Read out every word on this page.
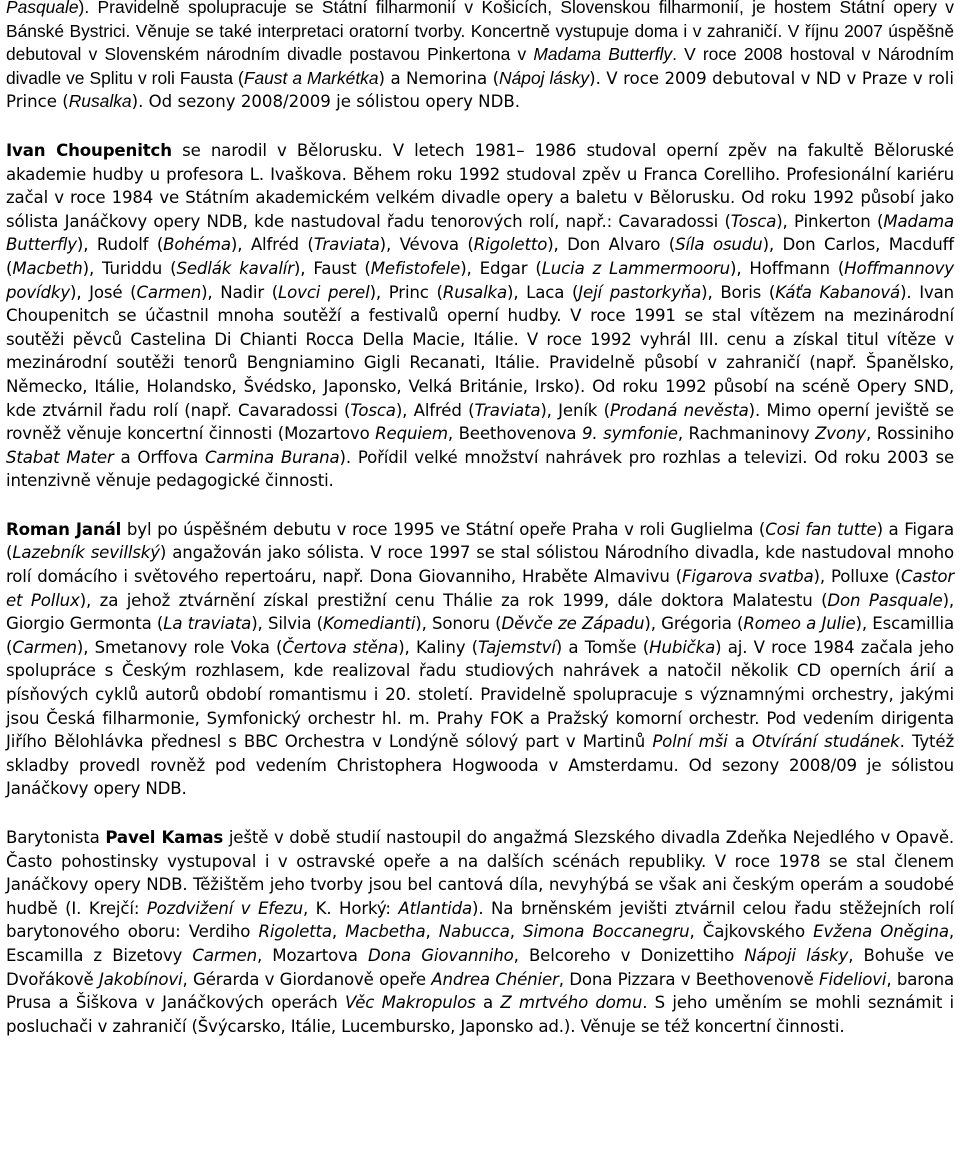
Pasquale). Pravidelně spolupracuje se Státní filharmonií v Košicích, Slovenskou filharmonií, je hostem Státní opery v Bánské Bystrici. Věnuje se také interpretaci oratorní tvorby. Koncertně vystupuje doma i v zahraničí. V říjnu 2007 úspěšně debutoval v Slovenském národním divadle postavou Pinkertona v Madama Butterfly. V roce 2008 hostoval v Národním divadle ve Splitu v roli Fausta (Faust a Markétka) a Nemorina (Nápoj lásky). V roce 2009 debutoval v ND v Praze v roli Prince (Rusalka). Od sezony 2008/2009 je sólistou opery NDB.

Ivan Choupenitch se narodil v Bělorusku. V letech 1981– 1986 studoval operní zpěv na fakultě Běloruské akademie hudby u profesora L. Ivaškova. Během roku 1992 studoval zpěv u Franca Corelliho. Profesionální kariéru začal v roce 1984 ve Státním akademickém velkém divadle opery a baletu v Bělorusku. Od roku 1992 působí jako sólista Janáčkovy opery NDB, kde nastudoval řadu tenorových rolí, např.: Cavaradossi (Tosca), Pinkerton (Madama Butterfly), Rudolf (Bohéma), Alfréd (Traviata), Vévova (Rigoletto), Don Alvaro (Síla osudu), Don Carlos, Macduff (Macbeth), Turiddu (Sedlák kavalír), Faust (Mefistofele), Edgar (Lucia z Lammermooru), Hoffmann (Hoffmannovy povídky), José (Carmen), Nadir (Lovci perel), Princ (Rusalka), Laca (Její pastorkyňa), Boris (Káťa Kabanová). Ivan Choupenitch se účastnil mnoha soutěží a festivalů operní hudby. V roce 1991 se stal vítězem na mezinárodní soutěži pěvců Castelina Di Chianti Rocca Della Macie, Itálie. V roce 1992 vyhrál III. cenu a získal titul vítěze v mezinárodní soutěži tenorů Bengniamino Gigli Recanati, Itálie. Pravidelně působí v zahraničí (např. Španělsko, Německo, Itálie, Holandsko, Švédsko, Japonsko, Velká Británie, Irsko). Od roku 1992 působí na scéně Opery SND, kde ztvárnil řadu rolí (např. Cavaradossi (Tosca), Alfréd (Traviata), Jeník (Prodaná nevěsta). Mimo operní jeviště se rovněž věnuje koncertní činnosti (Mozartovo Requiem, Beethovenova 9. symfonie, Rachmaninovy Zvony, Rossiniho Stabat Mater a Orffova Carmina Burana). Pořídil velké množství nahrávek pro rozhlas a televizi. Od roku 2003 se intenzivně věnuje pedagogické činnosti.

Roman Janál byl po úspěšném debutu v roce 1995 ve Státní opeře Praha v roli Guglielma (Cosi fan tutte) a Figara (Lazebník sevillský) angažován jako sólista. V roce 1997 se stal sólistou Národního divadla, kde nastudoval mnoho rolí domácího i světového repertoáru, např. Dona Giovanniho, Hraběte Almavivu (Figarova svatba), Polluxe (Castor et Pollux), za jehož ztvárnění získal prestižní cenu Thálie za rok 1999, dále doktora Malatestu (Don Pasquale), Giorgio Germonta (La traviata), Silvia (Komedianti), Sonoru (Děvče ze Západu), Grégoria (Romeo a Julie), Escamillia (Carmen), Smetanovy role Voka (Čertova stěna), Kaliny (Tajemství) a Tomše (Hubička) aj. V roce 1984 začala jeho spolupráce s Českým rozhlasem, kde realizoval řadu studiových nahrávek a natočil několik CD operních árií a písňových cyklů autorů období romantismu i 20. století. Pravidelně spolupracuje s významnými orchestry, jakými jsou Česká filharmonie, Symfonický orchestr hl. m. Prahy FOK a Pražský komorní orchestr. Pod vedením dirigenta Jiřího Bělohlávka přednesl s BBC Orchestra v Londýně sólový part v Martinů Polní mši a Otvírání studánek. Tytéž skladby provedl rovněž pod vedením Christophera Hogwooda v Amsterdamu. Od sezony 2008/09 je sólistou Janáčkovy opery NDB.

Barytonista Pavel Kamas ještě v době studií nastoupil do angažmá Slezského divadla Zdeňka Nejedlého v Opavě. Často pohostinsky vystupoval i v ostravské opeře a na dalších scénách republiky. V roce 1978 se stal členem Janáčkovy opery NDB. Těžištěm jeho tvorby jsou bel cantová díla, nevyhýbá se však ani českým operám a soudobé hudbě (I. Krejčí: Pozdvižení v Efezu, K. Horký: Atlantida). Na brněnském jevišti ztvárnil celou řadu stěžejních rolí barytonového oboru: Verdiho Rigoletta, Macbetha, Nabucca, Simona Boccanegru, Čajkovského Evžena Oněgina, Escamilla z Bizetovy Carmen, Mozartova Dona Giovanniho, Belcoreho v Donizettiho Nápoji lásky, Bohuše ve Dvořákově Jakobínovi, Gérarda v Giordanově opeře Andrea Chénier, Dona Pizzara v Beethovenově Fideliovi, barona Prusa a Šiškova v Janáčkových operách Věc Makropulos a Z mrtvého domu. S jeho uměním se mohli seznámit i posluchači v zahraničí (Švýcarsko, Itálie, Lucembursko, Japonsko ad.). Věnuje se též koncertní činnosti.
